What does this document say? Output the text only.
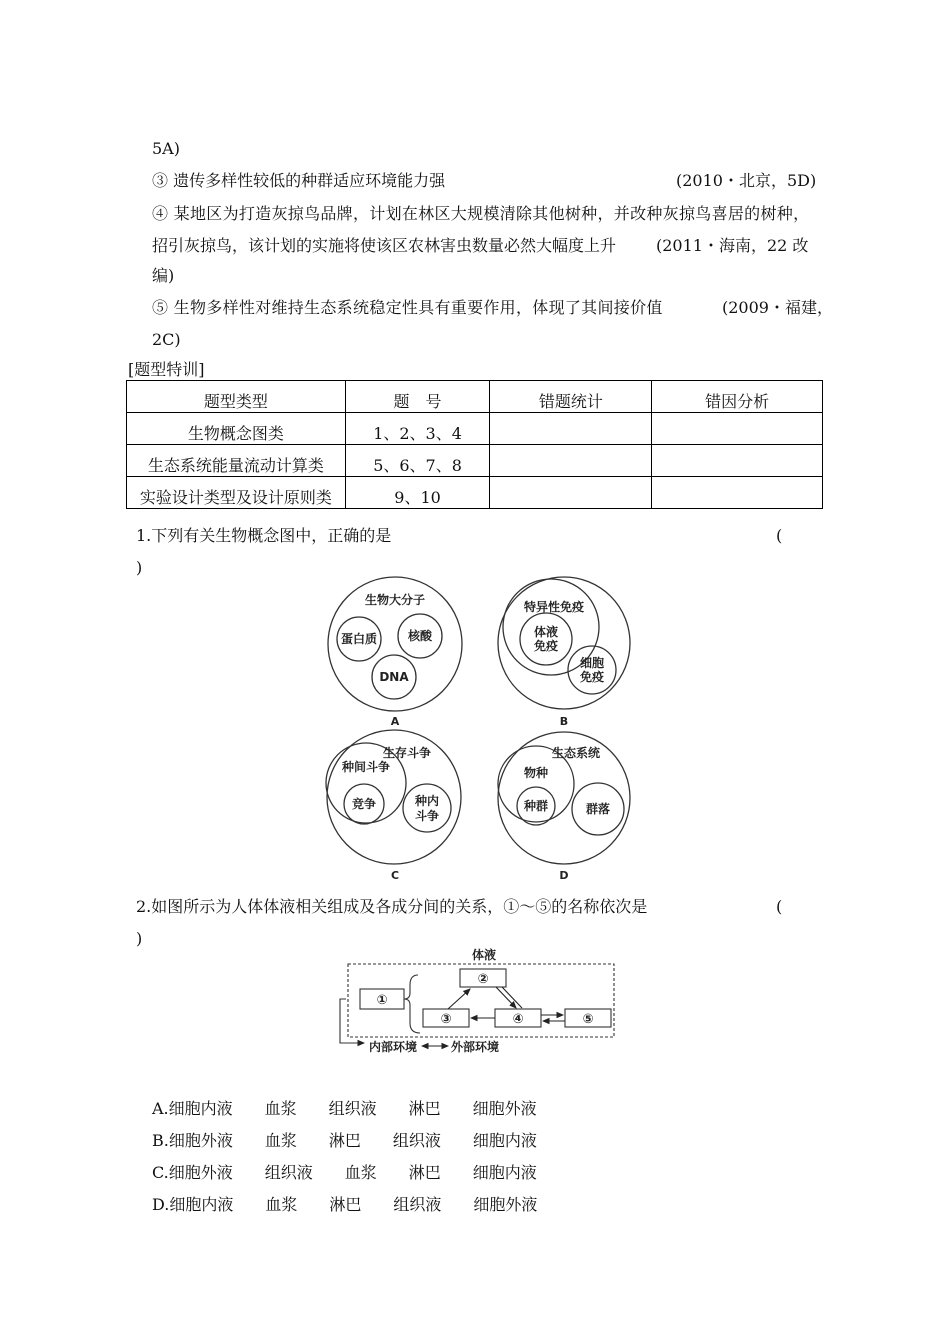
5A)
③ 遗传多样性较低的种群适应环境能力强	(2010・北京，5D)
④ 某地区为打造灰掠鸟品牌，计划在林区大规模清除其他树种，并改种灰掠鸟喜居的树种，
招引灰掠鸟，该计划的实施将使该区农林害虫数量必然大幅度上升 (2011・海南，22 改
编)
⑤ 生物多样性对维持生态系统稳定性具有重要作用，体现了其间接价值	(2009・福建，
2C)
[题型特训]
题型类型	题　号	错题统计	错因分析
生物概念图类	1、2、3、4		
生态系统能量流动计算类	5、6、7、8		
实验设计类型及设计原则类	9、10		
1.下列有关生物概念图中，正确的是	(
)
生物大分子
蛋白质	核酸
DNA
A
特异性免疫
体液
免疫
细胞
免疫
B
生存斗争
种间斗争
竞争	种内
斗争
C
生态系统
物种
种群	群落
D
2.如图所示为人体体液相关组成及各成分间的关系，①～⑤的名称依次是	(
)
体液
①
②
③	④	⑤
内部环境	外部环境
A.细胞内液　　血浆　　组织液　　淋巴　　细胞外液
B.细胞外液　　血浆　　淋巴　　组织液　　细胞内液
C.细胞外液　　组织液　　血浆　　淋巴　　细胞内液
D.细胞内液　　血浆　　淋巴　　组织液　　细胞外液
